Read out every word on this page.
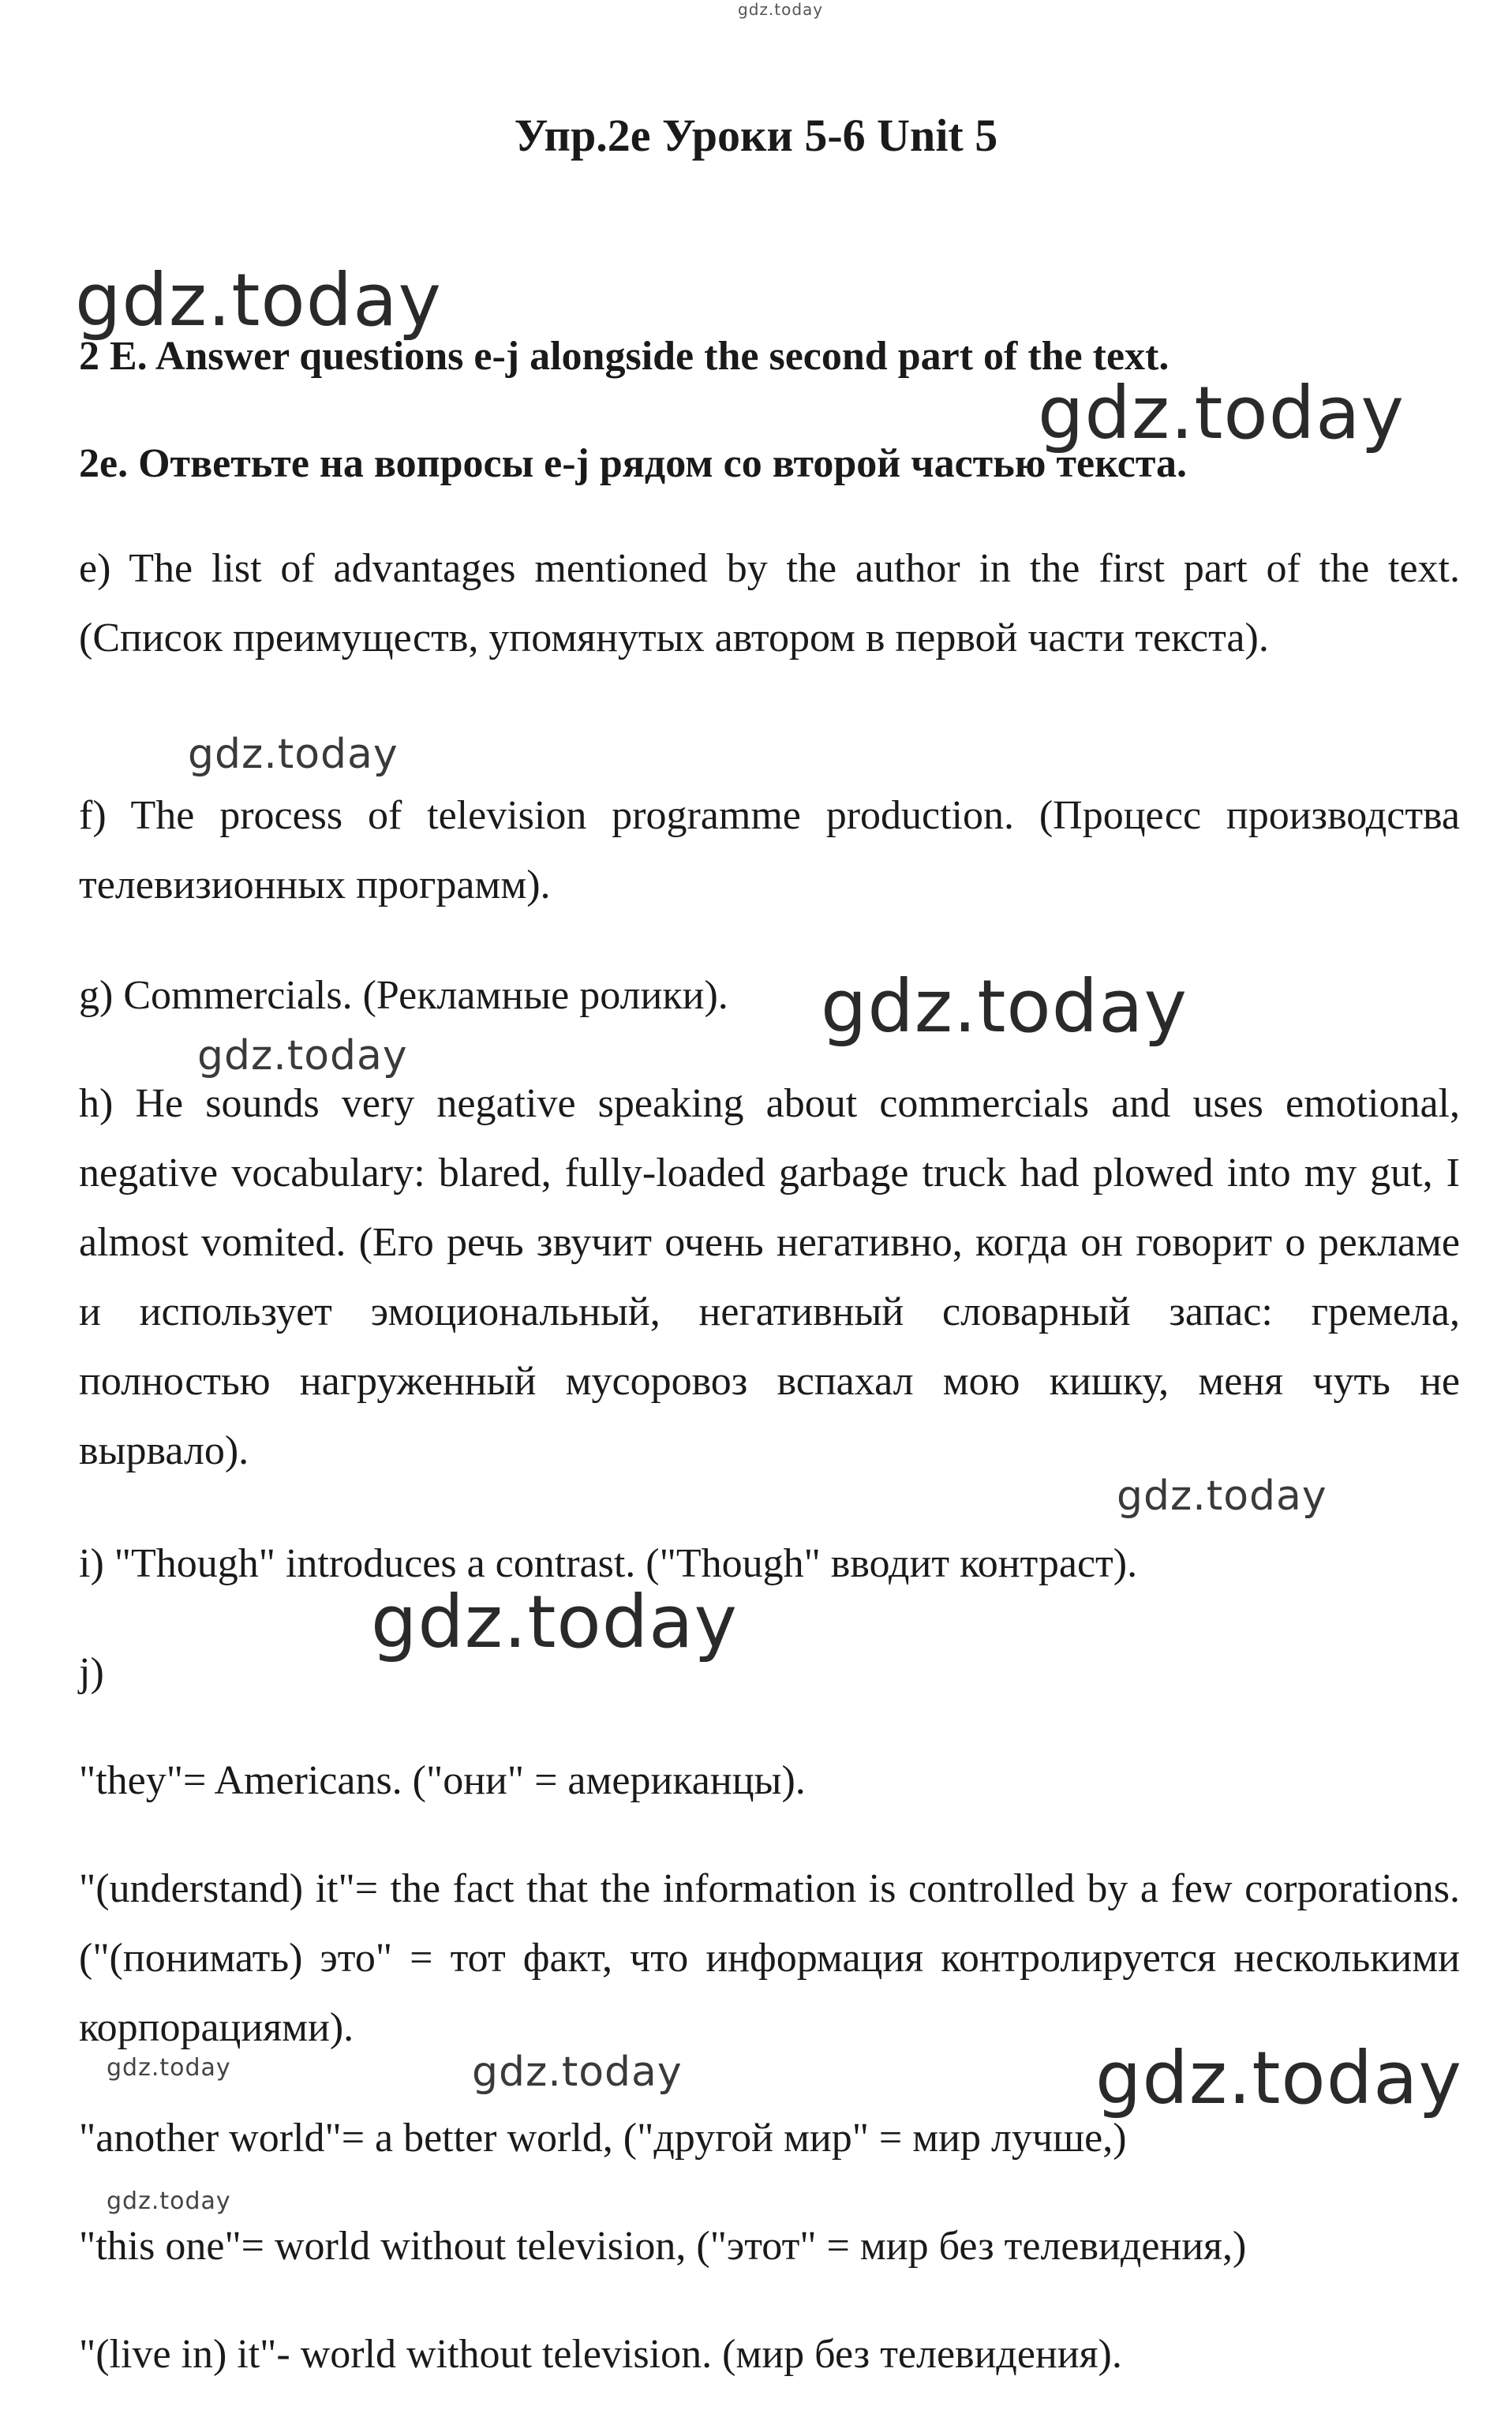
gdz.today
gdz.today
gdz.today
gdz.today
gdz.today
gdz.today
gdz.today
gdz.today
gdz.today	gdz.today	gdz.today
gdz.today
Упр.2е Уроки 5-6 Unit 5

2 E. Answer questions e-j alongside the second part of the text.

2е. Ответьте на вопросы e-j рядом со второй частью текста.

e) The list of advantages mentioned by the author in the first part of the text. (Список преимуществ, упомянутых автором в первой части текста).

f) The process of television programme production. (Процесс производства телевизионных программ).

g) Commercials. (Рекламные ролики).

h) He sounds very negative speaking about commercials and uses emotional, negative vocabulary: blared, fully-loaded garbage truck had plowed into my gut, I almost vomited. (Его речь звучит очень негативно, когда он говорит о рекламе и использует эмоциональный, негативный словарный запас: гремела, полностью нагруженный мусоровоз вспахал мою кишку, меня чуть не вырвало).

i) "Though" introduces a contrast. ("Though" вводит контраст).

j)

"they"= Americans. ("они" = американцы).

"(understand) it"= the fact that the information is controlled by a few corporations. ("(понимать) это" = тот факт, что информация контролируется несколькими корпорациями).

"another world"= a better world, ("другой мир" = мир лучше,)

"this one"= world without television, ("этот" = мир без телевидения,)

"(live in) it"- world without television. (мир без телевидения).
